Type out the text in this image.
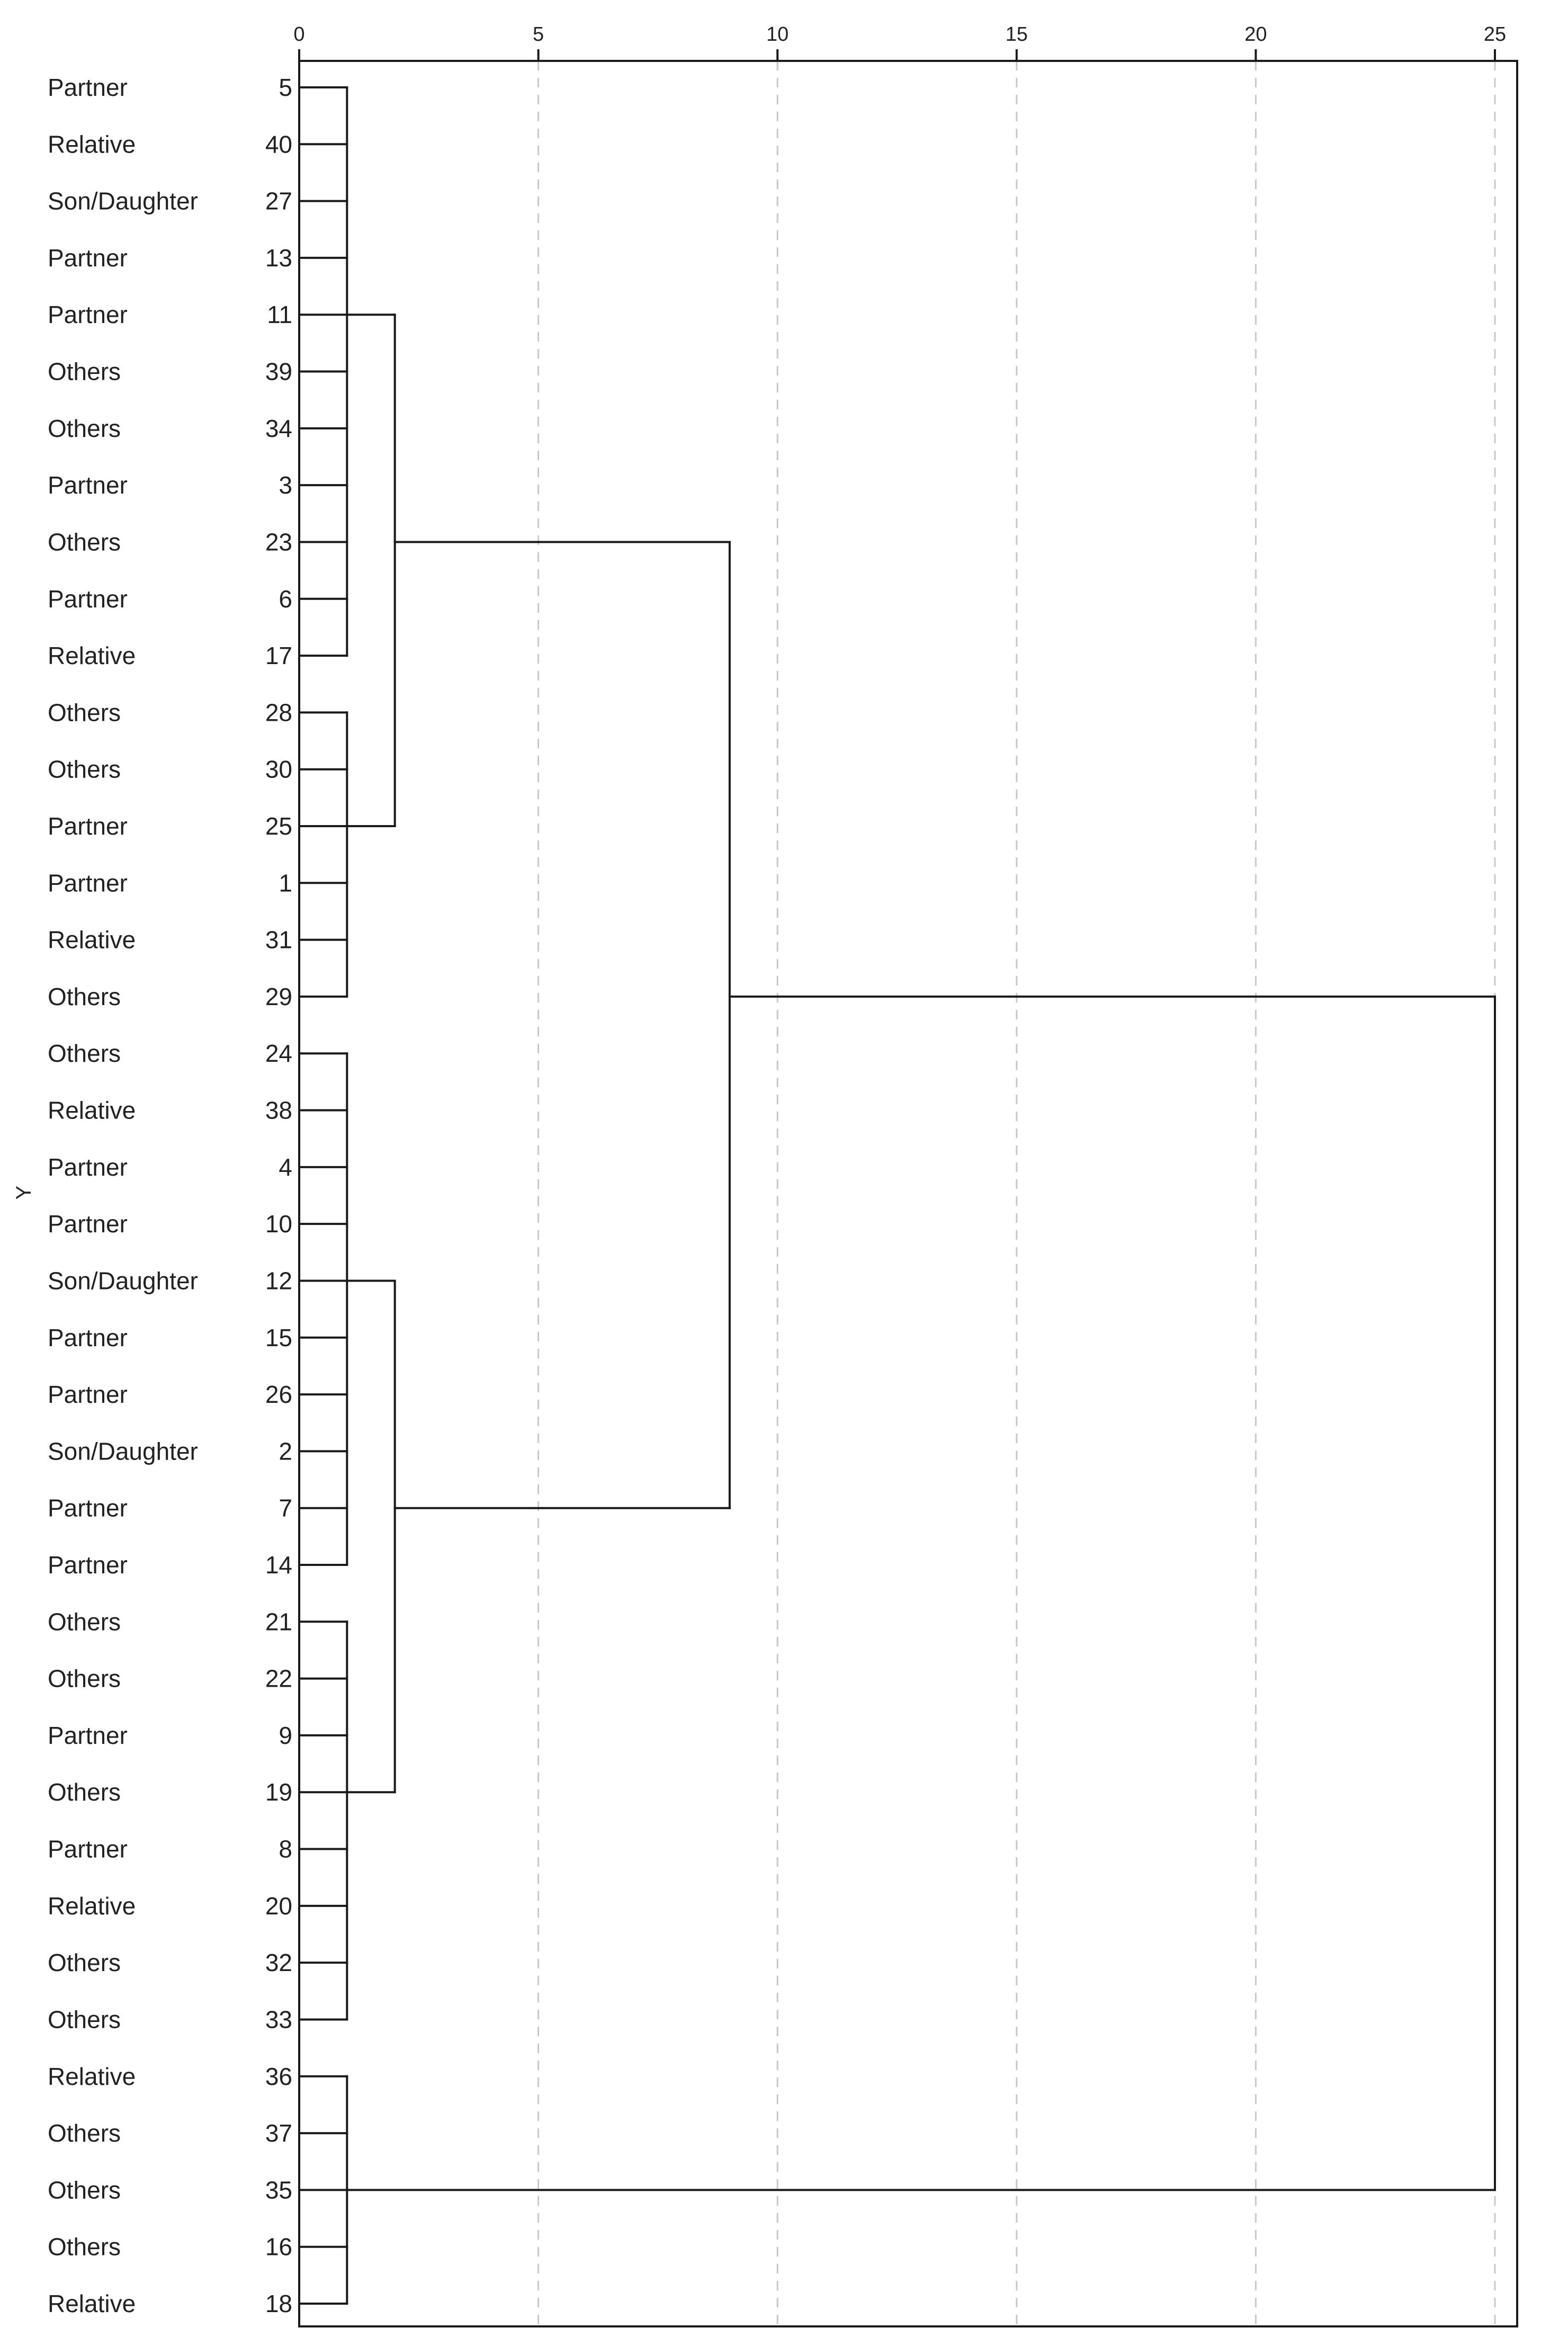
0	5	10	15	20	25
Partner	5
Relative	40
Son/Daughter	27
Partner	13
Partner	11
Others	39
Others	34
Partner	3
Others	23
Partner	6
Relative	17
Others	28
Others	30
Partner	25
Partner	1
Relative	31
Others	29
Others	24
Relative	38
Partner	4
Partner	10
Son/Daughter	12
Partner	15
Partner	26
Son/Daughter	2
Partner	7
Partner	14
Others	21
Others	22
Partner	9
Others	19
Partner	8
Relative	20
Others	32
Others	33
Relative	36
Others	37
Others	35
Others	16
Relative	18
Y
